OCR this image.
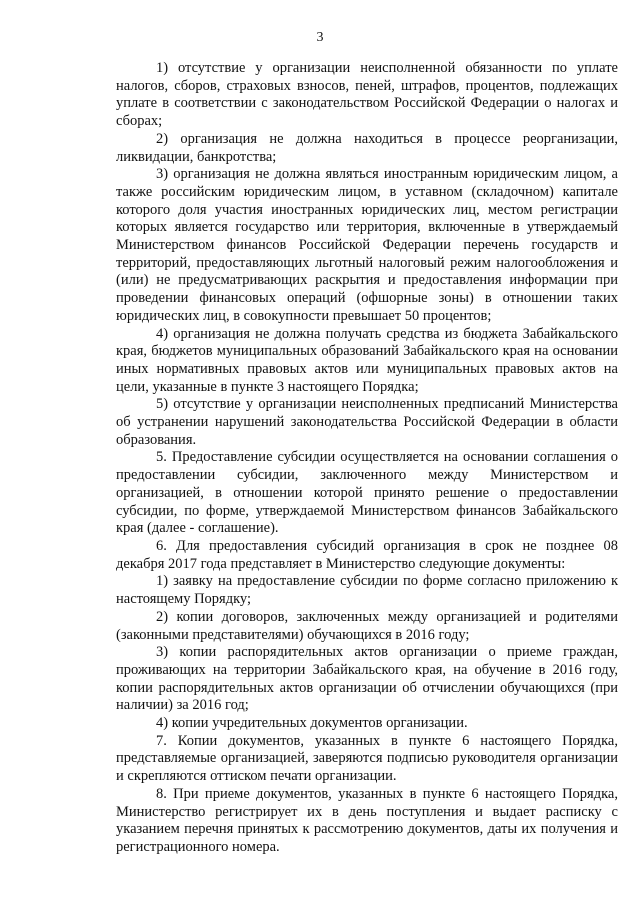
3

1) отсутствие у организации неисполненной обязанности по уплате налогов, сборов, страховых взносов, пеней, штрафов, процентов, подлежащих уплате в соответствии с законодательством Российской Федерации о налогах и сборах;

2) организация не должна находиться в процессе реорганизации, ликвидации, банкротства;

3) организация не должна являться иностранным юридическим лицом, а также российским юридическим лицом, в уставном (складочном) капитале которого доля участия иностранных юридических лиц, местом регистрации которых является государство или территория, включенные в утверждаемый Министерством финансов Российской Федерации перечень государств и территорий, предоставляющих льготный налоговый режим налогообложения и (или) не предусматривающих раскрытия и предоставления информации при проведении финансовых операций (офшорные зоны) в отношении таких юридических лиц, в совокупности превышает 50 процентов;

4) организация не должна получать средства из бюджета Забайкальского края, бюджетов муниципальных образований Забайкальского края на основании иных нормативных правовых актов или муниципальных правовых актов на цели, указанные в пункте 3 настоящего Порядка;

5) отсутствие у организации неисполненных предписаний Министерства об устранении нарушений законодательства Российской Федерации в области образования.

5. Предоставление субсидии осуществляется на основании соглашения о предоставлении субсидии, заключенного между Министерством и организацией, в отношении которой принято решение о предоставлении субсидии, по форме, утверждаемой Министерством финансов Забайкальского края (далее - соглашение).

6. Для предоставления субсидий организация в срок не позднее 08 декабря 2017 года представляет в Министерство следующие документы:

1) заявку на предоставление субсидии по форме согласно приложению к настоящему Порядку;

2) копии договоров, заключенных между организацией и родителями (законными представителями) обучающихся в 2016 году;

3) копии распорядительных актов организации о приеме граждан, проживающих на территории Забайкальского края, на обучение в 2016 году, копии распорядительных актов организации об отчислении обучающихся (при наличии) за 2016 год;

4) копии учредительных документов организации.

7. Копии документов, указанных в пункте 6 настоящего Порядка, представляемые организацией, заверяются подписью руководителя организации и скрепляются оттиском печати организации.

8. При приеме документов, указанных в пункте 6 настоящего Порядка, Министерство регистрирует их в день поступления и выдает расписку с указанием перечня принятых к рассмотрению документов, даты их получения и регистрационного номера.
